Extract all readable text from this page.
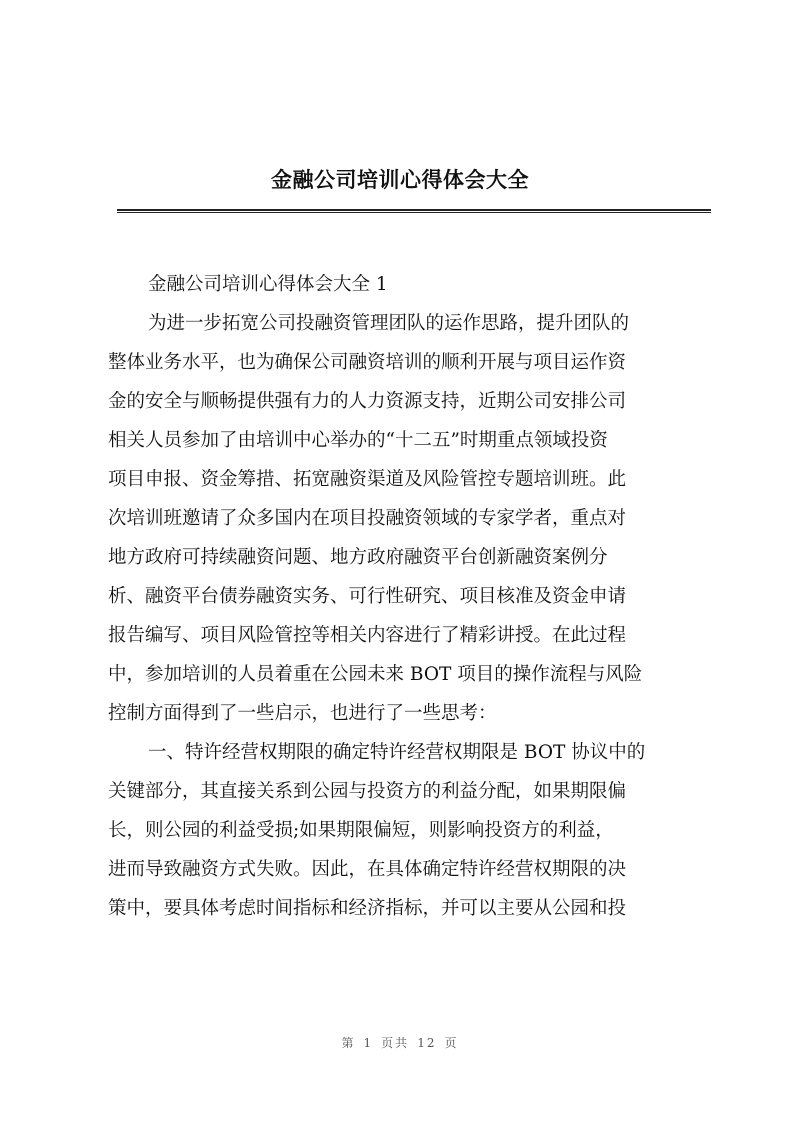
金融公司培训心得体会大全
金融公司培训心得体会大全 1
为进一步拓宽公司投融资管理团队的运作思路，提升团队的
整体业务水平，也为确保公司融资培训的顺利开展与项目运作资
金的安全与顺畅提供强有力的人力资源支持，近期公司安排公司
相关人员参加了由培训中心举办的“十二五”时期重点领域投资
项目申报、资金筹措、拓宽融资渠道及风险管控专题培训班。此
次培训班邀请了众多国内在项目投融资领域的专家学者，重点对
地方政府可持续融资问题、地方政府融资平台创新融资案例分
析、融资平台债券融资实务、可行性研究、项目核准及资金申请
报告编写、项目风险管控等相关内容进行了精彩讲授。在此过程
中，参加培训的人员着重在公园未来 BOT 项目的操作流程与风险
控制方面得到了一些启示，也进行了一些思考：
一、特许经营权期限的确定特许经营权期限是 BOT 协议中的
关键部分，其直接关系到公园与投资方的利益分配，如果期限偏
长，则公园的利益受损;如果期限偏短，则影响投资方的利益，
进而导致融资方式失败。因此，在具体确定特许经营权期限的决
策中，要具体考虑时间指标和经济指标，并可以主要从公园和投
第 1 页共 12 页
